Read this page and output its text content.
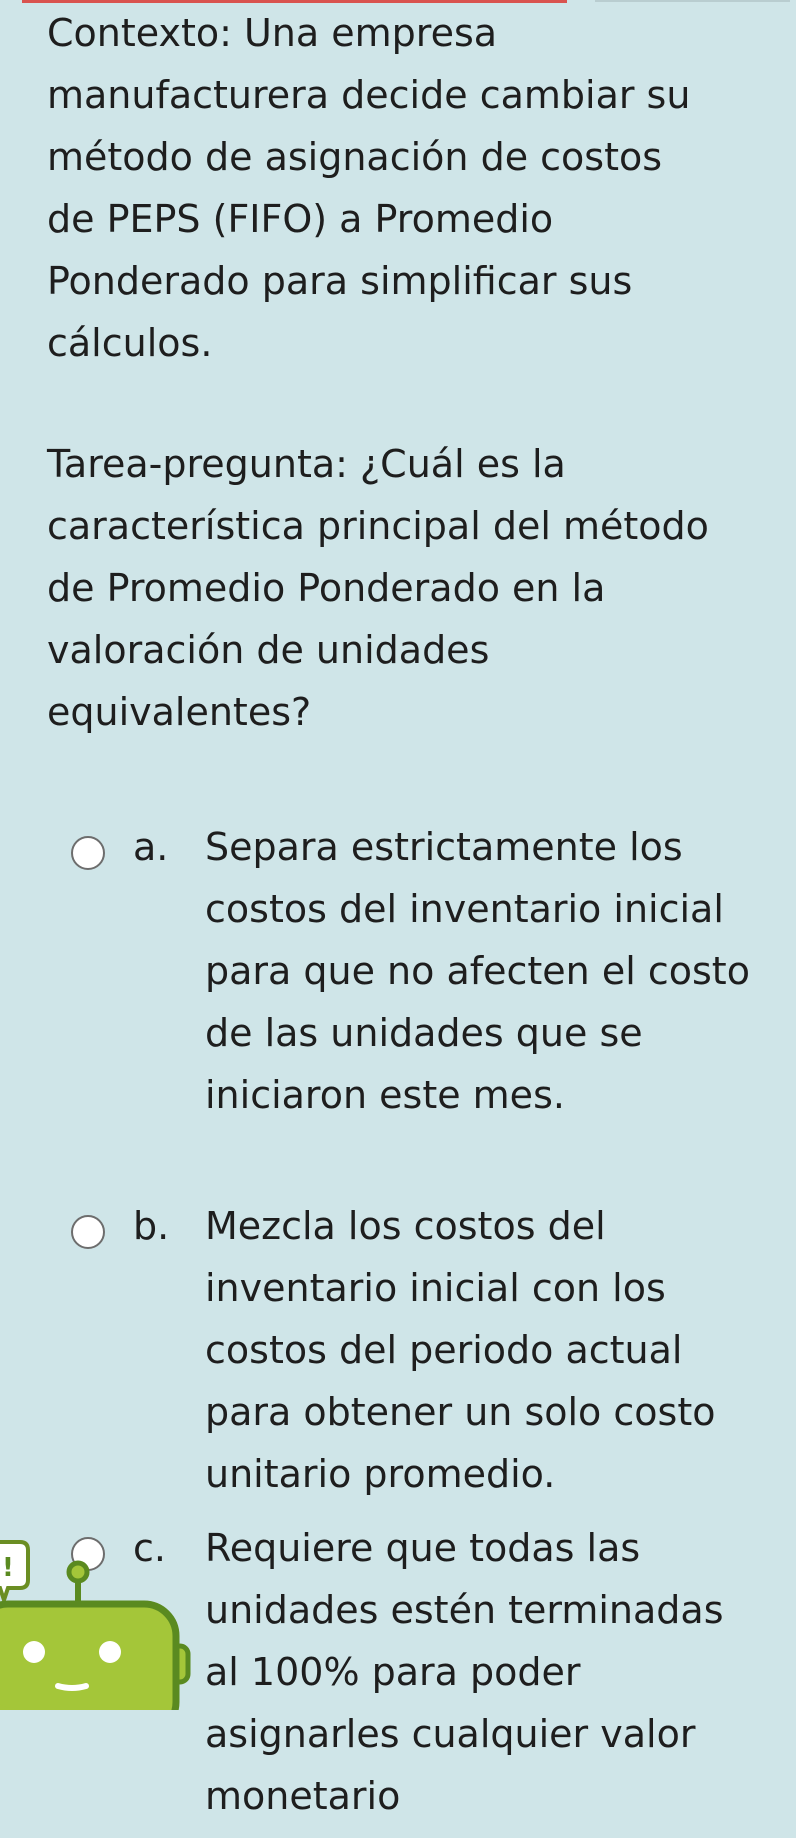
Contexto: Una empresa manufacturera decide cambiar su método de asignación de costos de PEPS (FIFO) a Promedio Ponderado para simplificar sus cálculos.

Tarea-pregunta: ¿Cuál es la característica principal del método de Promedio Ponderado en la valoración de unidades equivalentes?

a. Separa estrictamente los costos del inventario inicial para que no afecten el costo de las unidades que se iniciaron este mes.
b. Mezcla los costos del inventario inicial con los costos del periodo actual para obtener un solo costo unitario promedio.
c. Requiere que todas las unidades estén terminadas al 100% para poder asignarles cualquier valor monetario
!
